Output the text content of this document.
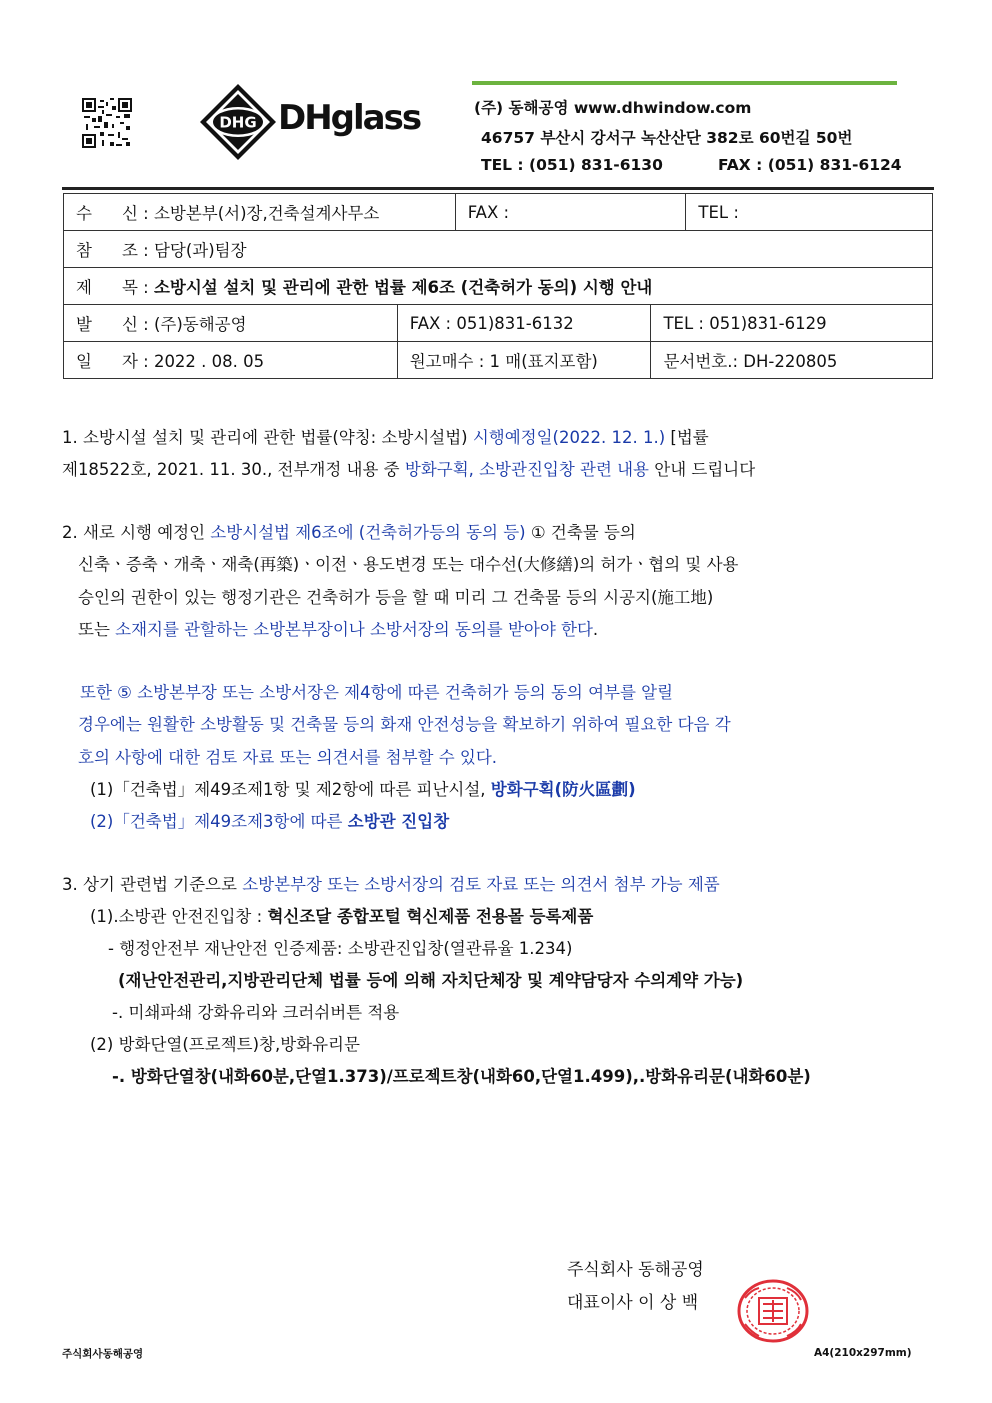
DHG DHglass	(주) 동해공영 www.dhwindow.com
46757 부산시 강서구 녹산산단 382로 60번길 50번
TEL : (051) 831-6130	FAX : (051) 831-6124
수 신 : 소방본부(서)장,건축설계사무소		FAX :		TEL :
참 조 : 담당(과)팀장				
제 목 : 소방시설 설치 및 관리에 관한 법률 제6조 (건축허가 동의) 시행 안내				
발 신 : (주)동해공영	FAX : 051)831-6132		TEL : 051)831-6129	
일 자 : 2022 . 08. 05	원고매수 : 1 매(표지포함)		문서번호.: DH-220805	
1. 소방시설 설치 및 관리에 관한 법률(약칭: 소방시설법) 시행예정일(2022. 12. 1.) [법률
제18522호, 2021. 11. 30., 전부개정 내용 중 방화구획, 소방관진입창 관련 내용 안내 드립니다
2. 새로 시행 예정인 소방시설법 제6조에 (건축허가등의 동의 등) ① 건축물 등의
신축ㆍ증축ㆍ개축ㆍ재축(再築)ㆍ이전ㆍ용도변경 또는 대수선(大修繕)의 허가ㆍ협의 및 사용
승인의 권한이 있는 행정기관은 건축허가 등을 할 때 미리 그 건축물 등의 시공지(施工地)
또는 소재지를 관할하는 소방본부장이나 소방서장의 동의를 받아야 한다.
또한 ⑤ 소방본부장 또는 소방서장은 제4항에 따른 건축허가 등의 동의 여부를 알릴
경우에는 원활한 소방활동 및 건축물 등의 화재 안전성능을 확보하기 위하여 필요한 다음 각
호의 사항에 대한 검토 자료 또는 의견서를 첨부할 수 있다.
(1)「건축법」제49조제1항 및 제2항에 따른 피난시설, 방화구획(防火區劃)
(2)「건축법」제49조제3항에 따른 소방관 진입창
3. 상기 관련법 기준으로 소방본부장 또는 소방서장의 검토 자료 또는 의견서 첨부 가능 제품
(1).소방관 안전진입창 : 혁신조달 종합포털 혁신제품 전용몰 등록제품
- 행정안전부 재난안전 인증제품: 소방관진입창(열관류율 1.234)
(재난안전관리,지방관리단체 법률 등에 의해 자치단체장 및 계약담당자 수의계약 가능)
-. 미쇄파쇄 강화유리와 크러쉬버튼 적용
(2) 방화단열(프로젝트)창,방화유리문
-. 방화단열창(내화60분,단열1.373)/프로젝트창(내화60,단열1.499),.방화유리문(내화60분)
주식회사 동해공영
대표이사 이 상 백
주식회사동해공영	A4(210x297mm)
